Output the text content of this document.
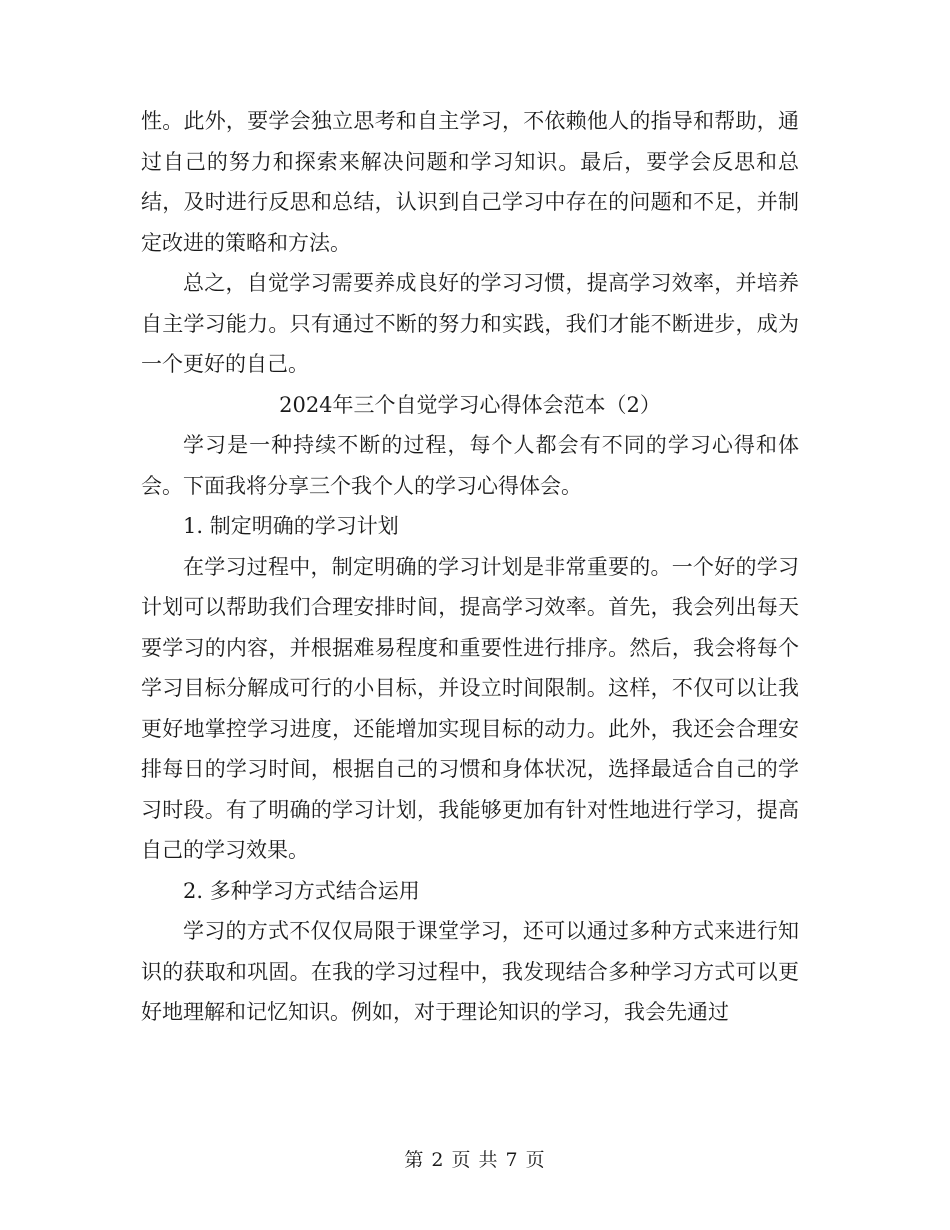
性。此外，要学会独立思考和自主学习，不依赖他人的指导和帮助，通过自己的努力和探索来解决问题和学习知识。最后，要学会反思和总结，及时进行反思和总结，认识到自己学习中存在的问题和不足，并制定改进的策略和方法。

总之，自觉学习需要养成良好的学习习惯，提高学习效率，并培养自主学习能力。只有通过不断的努力和实践，我们才能不断进步，成为一个更好的自己。

2024年三个自觉学习心得体会范本（2）

学习是一种持续不断的过程，每个人都会有不同的学习心得和体会。下面我将分享三个我个人的学习心得体会。

1. 制定明确的学习计划

在学习过程中，制定明确的学习计划是非常重要的。一个好的学习计划可以帮助我们合理安排时间，提高学习效率。首先，我会列出每天要学习的内容，并根据难易程度和重要性进行排序。然后，我会将每个学习目标分解成可行的小目标，并设立时间限制。这样，不仅可以让我更好地掌控学习进度，还能增加实现目标的动力。此外，我还会合理安排每日的学习时间，根据自己的习惯和身体状况，选择最适合自己的学习时段。有了明确的学习计划，我能够更加有针对性地进行学习，提高自己的学习效果。

2. 多种学习方式结合运用

学习的方式不仅仅局限于课堂学习，还可以通过多种方式来进行知识的获取和巩固。在我的学习过程中，我发现结合多种学习方式可以更好地理解和记忆知识。例如，对于理论知识的学习，我会先通过

第 2 页 共 7 页
